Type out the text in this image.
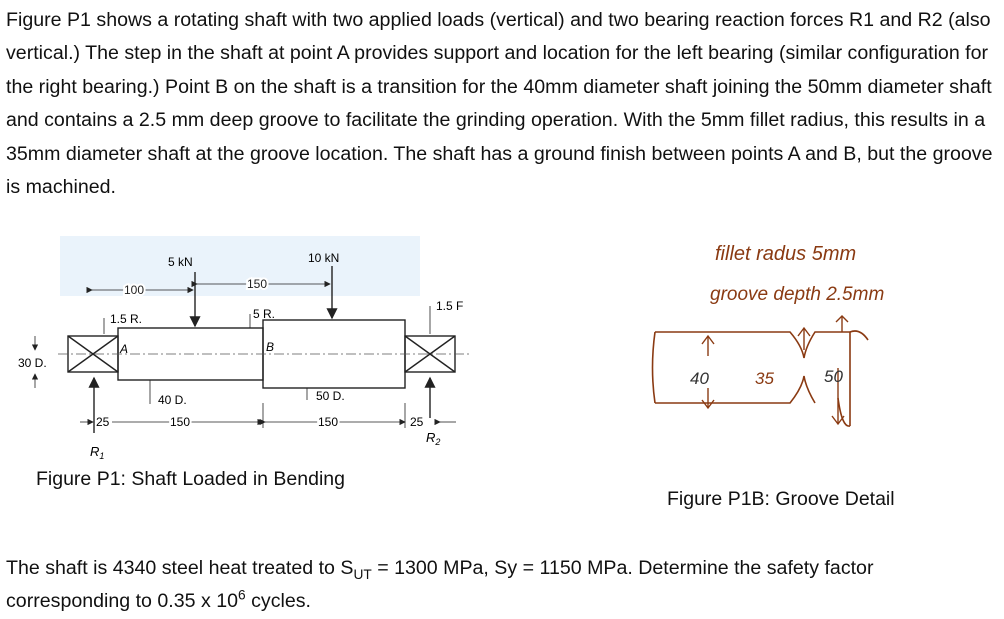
Figure P1 shows a rotating shaft with two applied loads (vertical) and two bearing reaction forces R1 and R2 (also vertical.) The step in the shaft at point A provides support and location for the left bearing (similar configuration for the right bearing.) Point B on the shaft is a transition for the 40mm diameter shaft joining the 50mm diameter shaft and contains a 2.5 mm deep groove to facilitate the grinding operation. With the 5mm fillet radius, this results in a 35mm diameter shaft at the groove location. The shaft has a ground finish between points A and B, but the groove is machined.

A	B
5 kN	10 kN
100	150
1.5 R.	5 R.
1.5 F
30 D.
40 D.	50 D.
$R_1$
$R_2$
25	150	150	25

Figure P1: Shaft Loaded in Bending

fillet radus 5mm
groove depth 2.5mm
40	35	50

Figure P1B: Groove Detail

The shaft is 4340 steel heat treated to $S_{UT} = 1300$ MPa, Sy = 1150 MPa. Determine the safety factor corresponding to 0.35 x $10^6$ cycles.
